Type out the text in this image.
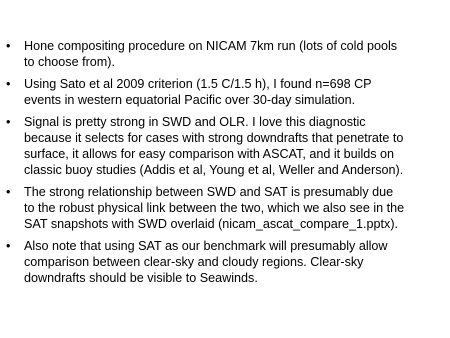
•	Hone compositing procedure on NICAM 7km run (lots of cold pools
to choose from).
•	Using Sato et al 2009 criterion (1.5 C/1.5 h), I found n=698 CP
events in western equatorial Pacific over 30-day simulation.
•	Signal is pretty strong in SWD and OLR. I love this diagnostic
because it selects for cases with strong downdrafts that penetrate to
surface, it allows for easy comparison with ASCAT, and it builds on
classic buoy studies (Addis et al, Young et al, Weller and Anderson).
•	The strong relationship between SWD and SAT is presumably due
to the robust physical link between the two, which we also see in the
SAT snapshots with SWD overlaid (nicam_ascat_compare_1.pptx).
•	Also note that using SAT as our benchmark will presumably allow
comparison between clear-sky and cloudy regions. Clear-sky
downdrafts should be visible to Seawinds.
